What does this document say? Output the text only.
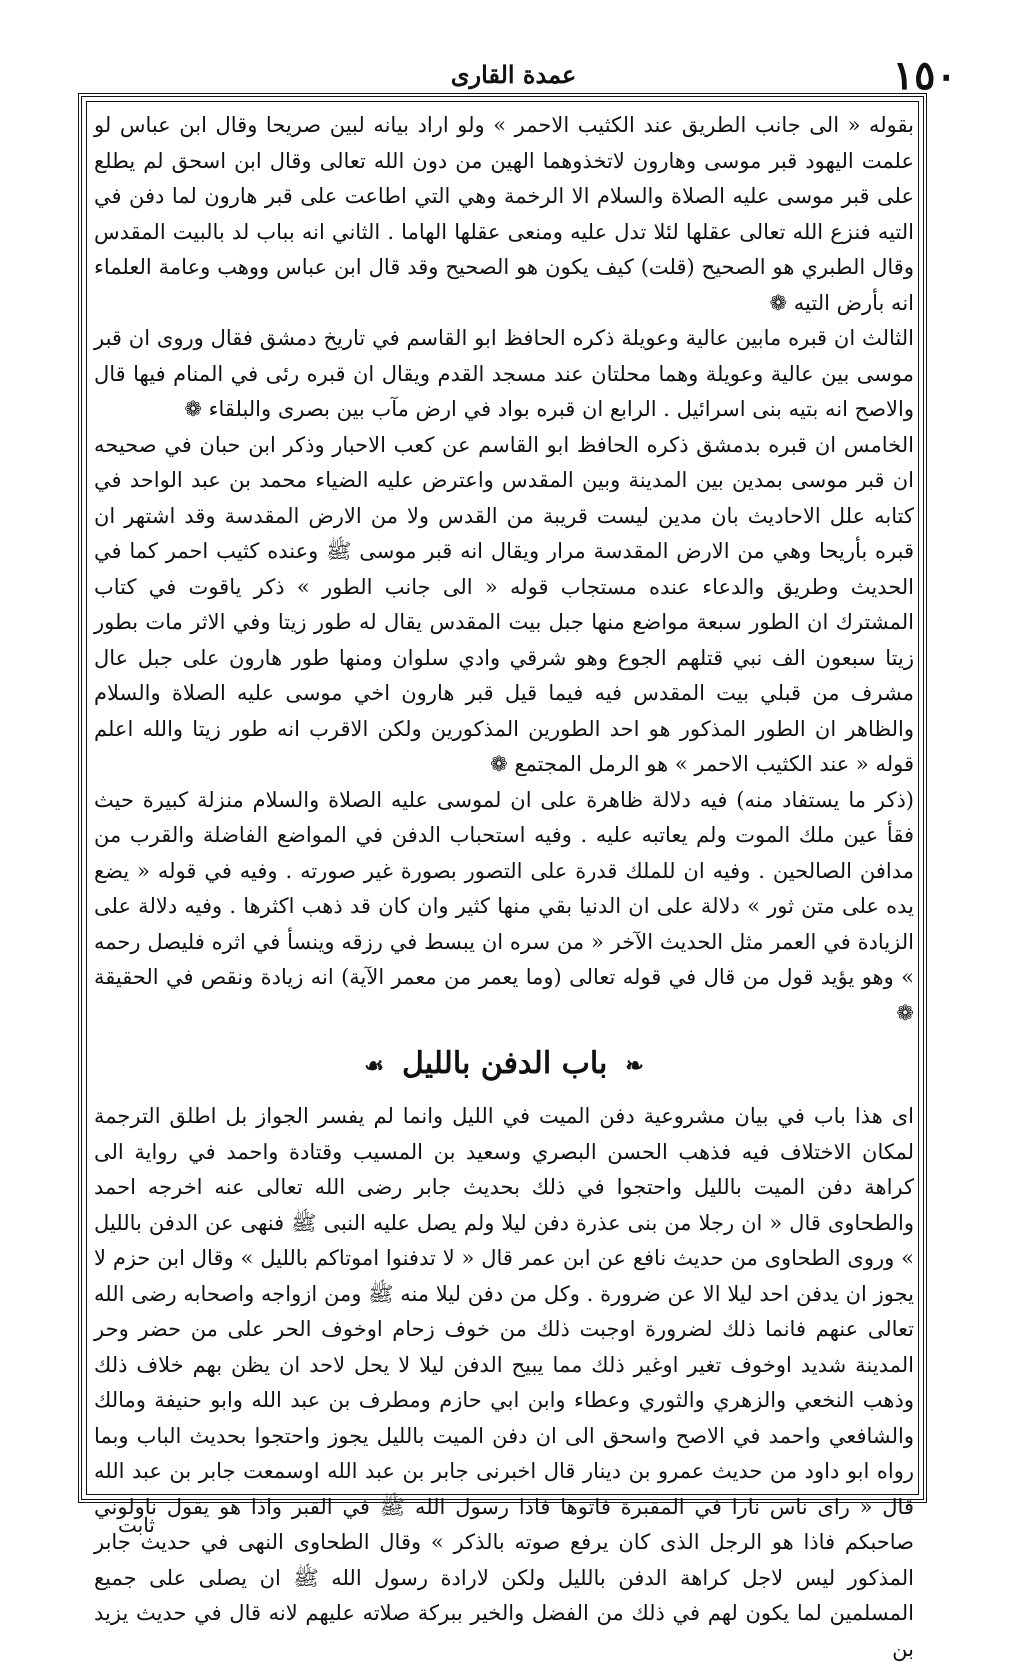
١٥٠
عمدة القارى

بقوله « الى جانب الطريق عند الكثيب الاحمر » ولو اراد بيانه لبين صريحا وقال ابن عباس لو علمت اليهود قبر موسى وهارون لاتخذوهما الهين من دون الله تعالى وقال ابن اسحق لم يطلع على قبر موسى عليه الصلاة والسلام الا الرخمة وهي التي اطاعت على قبر هارون لما دفن في التيه فنزع الله تعالى عقلها لئلا تدل عليه ومنعى عقلها الهاما . الثاني انه بباب لد بالبيت المقدس وقال الطبري هو الصحيح (قلت) كيف يكون هو الصحيح وقد قال ابن عباس ووهب وعامة العلماء انه بأرض التيه ❁

الثالث ان قبره مابين عالية وعويلة ذكره الحافظ ابو القاسم في تاريخ دمشق فقال وروى ان قبر موسى بين عالية وعويلة وهما محلتان عند مسجد القدم ويقال ان قبره رئى في المنام فيها قال والاصح انه بتيه بنى اسرائيل . الرابع ان قبره بواد في ارض مآب بين بصرى والبلقاء ❁

الخامس ان قبره بدمشق ذكره الحافظ ابو القاسم عن كعب الاحبار وذكر ابن حبان في صحيحه ان قبر موسى بمدين بين المدينة وبين المقدس واعترض عليه الضياء محمد بن عبد الواحد في كتابه علل الاحاديث بان مدين ليست قريبة من القدس ولا من الارض المقدسة وقد اشتهر ان قبره بأريحا وهي من الارض المقدسة مرار ويقال انه قبر موسى ﷺ وعنده كثيب احمر كما في الحديث وطريق والدعاء عنده مستجاب قوله « الى جانب الطور » ذكر ياقوت في كتاب المشترك ان الطور سبعة مواضع منها جبل بيت المقدس يقال له طور زيتا وفي الاثر مات بطور زيتا سبعون الف نبي قتلهم الجوع وهو شرقي وادي سلوان ومنها طور هارون على جبل عال مشرف من قبلي بيت المقدس فيه فيما قيل قبر هارون اخي موسى عليه الصلاة والسلام والظاهر ان الطور المذكور هو احد الطورين المذكورين ولكن الاقرب انه طور زيتا والله اعلم قوله « عند الكثيب الاحمر » هو الرمل المجتمع ❁

(ذكر ما يستفاد منه) فيه دلالة ظاهرة على ان لموسى عليه الصلاة والسلام منزلة كبيرة حيث فقأ عين ملك الموت ولم يعاتبه عليه . وفيه استحباب الدفن في المواضع الفاضلة والقرب من مدافن الصالحين . وفيه ان للملك قدرة على التصور بصورة غير صورته . وفيه في قوله « يضع يده على متن ثور » دلالة على ان الدنيا بقي منها كثير وان كان قد ذهب اكثرها . وفيه دلالة على الزيادة في العمر مثل الحديث الآخر « من سره ان يبسط في رزقه وينسأ في اثره فليصل رحمه » وهو يؤيد قول من قال في قوله تعالى (وما يعمر من معمر الآية) انه زيادة ونقص في الحقيقة ❁

❧باب الدفن بالليل☙

اى هذا باب في بيان مشروعية دفن الميت في الليل وانما لم يفسر الجواز بل اطلق الترجمة لمكان الاختلاف فيه فذهب الحسن البصري وسعيد بن المسيب وقتادة واحمد في رواية الى كراهة دفن الميت بالليل واحتجوا في ذلك بحديث جابر رضى الله تعالى عنه اخرجه احمد والطحاوى قال « ان رجلا من بنى عذرة دفن ليلا ولم يصل عليه النبى ﷺ فنهى عن الدفن بالليل » وروى الطحاوى من حديث نافع عن ابن عمر قال « لا تدفنوا اموتاكم بالليل » وقال ابن حزم لا يجوز ان يدفن احد ليلا الا عن ضرورة . وكل من دفن ليلا منه ﷺ ومن ازواجه واصحابه رضى الله تعالى عنهم فانما ذلك لضرورة اوجبت ذلك من خوف زحام اوخوف الحر على من حضر وحر المدينة شديد اوخوف تغير اوغير ذلك مما يبيح الدفن ليلا لا يحل لاحد ان يظن بهم خلاف ذلك وذهب النخعي والزهري والثوري وعطاء وابن ابي حازم ومطرف بن عبد الله وابو حنيفة ومالك والشافعي واحمد في الاصح واسحق الى ان دفن الميت بالليل يجوز واحتجوا بحديث الباب وبما رواه ابو داود من حديث عمرو بن دينار قال اخبرنى جابر بن عبد الله اوسمعت جابر بن عبد الله قال « راى ناس نارا في المقبرة فاتوها فاذا رسول الله ﷺ في القبر واذا هو يقول ناولوني صاحبكم فاذا هو الرجل الذى كان يرفع صوته بالذكر » وقال الطحاوى النهى في حديث جابر المذكور ليس لاجل كراهة الدفن بالليل ولكن لارادة رسول الله ﷺ ان يصلى على جميع المسلمين لما يكون لهم في ذلك من الفضل والخير ببركة صلاته عليهم لانه قال في حديث يزيد بن

ثابت
